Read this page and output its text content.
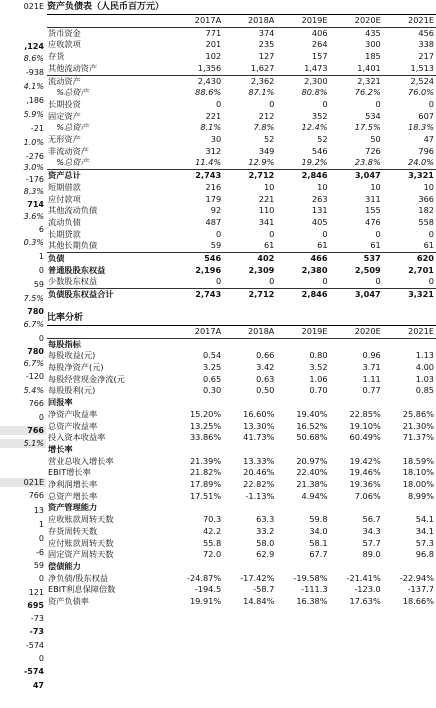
021E
,124
8.6%
-938
4.1%
,186
5.9%
-21
1.0%
-276
3.0%
-176
8.3%
714
3.6%
6
0.3%
1
0
59
7.5%
780
6.7%
0
780
6.7%
-120
5.4%
766
0
766
5.1%
021E
766
13
1
0
-6
59
0
121
695
-73
-73
-574
0
-574
47
资产负债表（人民币百万元）
	2017A	2018A	2019E	2020E	2021E
货币资金	771	374	406	435	456
应收款项	201	235	264	300	338
存货	102	127	157	185	217
其他流动资产	1,356	1,627	1,473	1,401	1,513
流动资产	2,430	2,362	2,300	2,321	2,524
　%总资产	88.6%	87.1%	80.8%	76.2%	76.0%
长期投资	0	0	0	0	0
固定资产	221	212	352	534	607
　%总资产	8.1%	7.8%	12.4%	17.5%	18.3%
无形资产	30	52	52	50	47
非流动资产	312	349	546	726	796
　%总资产	11.4%	12.9%	19.2%	23.8%	24.0%
资产总计	2,743	2,712	2,846	3,047	3,321
短期借款	216	10	10	10	10
应付款项	179	221	263	311	366
其他流动负债	92	110	131	155	182
流动负债	487	341	405	476	558
长期贷款	0	0	0	0	0
其他长期负债	59	61	61	61	61
负债	546	402	466	537	620
普通股股东权益	2,196	2,309	2,380	2,509	2,701
少数股东权益	0	0	0	0	0
负债股东权益合计	2,743	2,712	2,846	3,047	3,321
比率分析
	2017A	2018A	2019E	2020E	2021E
每股指标					
每股收益(元)	0.54	0.66	0.80	0.96	1.13
每股净资产(元)	3.25	3.42	3.52	3.71	4.00
每股经营现金净流(元	0.65	0.63	1.06	1.11	1.03
每股股利(元)	0.30	0.50	0.70	0.77	0.85
回报率					
净资产收益率	15.20%	16.60%	19.40%	22.85%	25.86%
总资产收益率	13.25%	13.30%	16.52%	19.10%	21.30%
投入资本收益率	33.86%	41.73%	50.68%	60.49%	71.37%
增长率					
营业总收入增长率	21.39%	13.33%	20.97%	19.42%	18.59%
EBIT增长率	21.82%	20.46%	22.40%	19.46%	18.10%
净利润增长率	17.89%	22.82%	21.38%	19.36%	18.00%
总资产增长率	17.51%	-1.13%	4.94%	7.06%	8.99%
资产管理能力					
应收账款周转天数	70.3	63.3	59.8	56.7	54.1
存货周转天数	42.2	33.2	34.0	34.3	34.1
应付账款周转天数	55.8	58.0	58.1	57.7	57.3
固定资产周转天数	72.0	62.9	67.7	89.0	96.8
偿债能力					
净负债/股东权益	-24.87%	-17.42%	-19.58%	-21.41%	-22.94%
EBIT利息保障倍数	-194.5	-58.7	-111.3	-123.0	-137.7
资产负债率	19.91%	14.84%	16.38%	17.63%	18.66%
